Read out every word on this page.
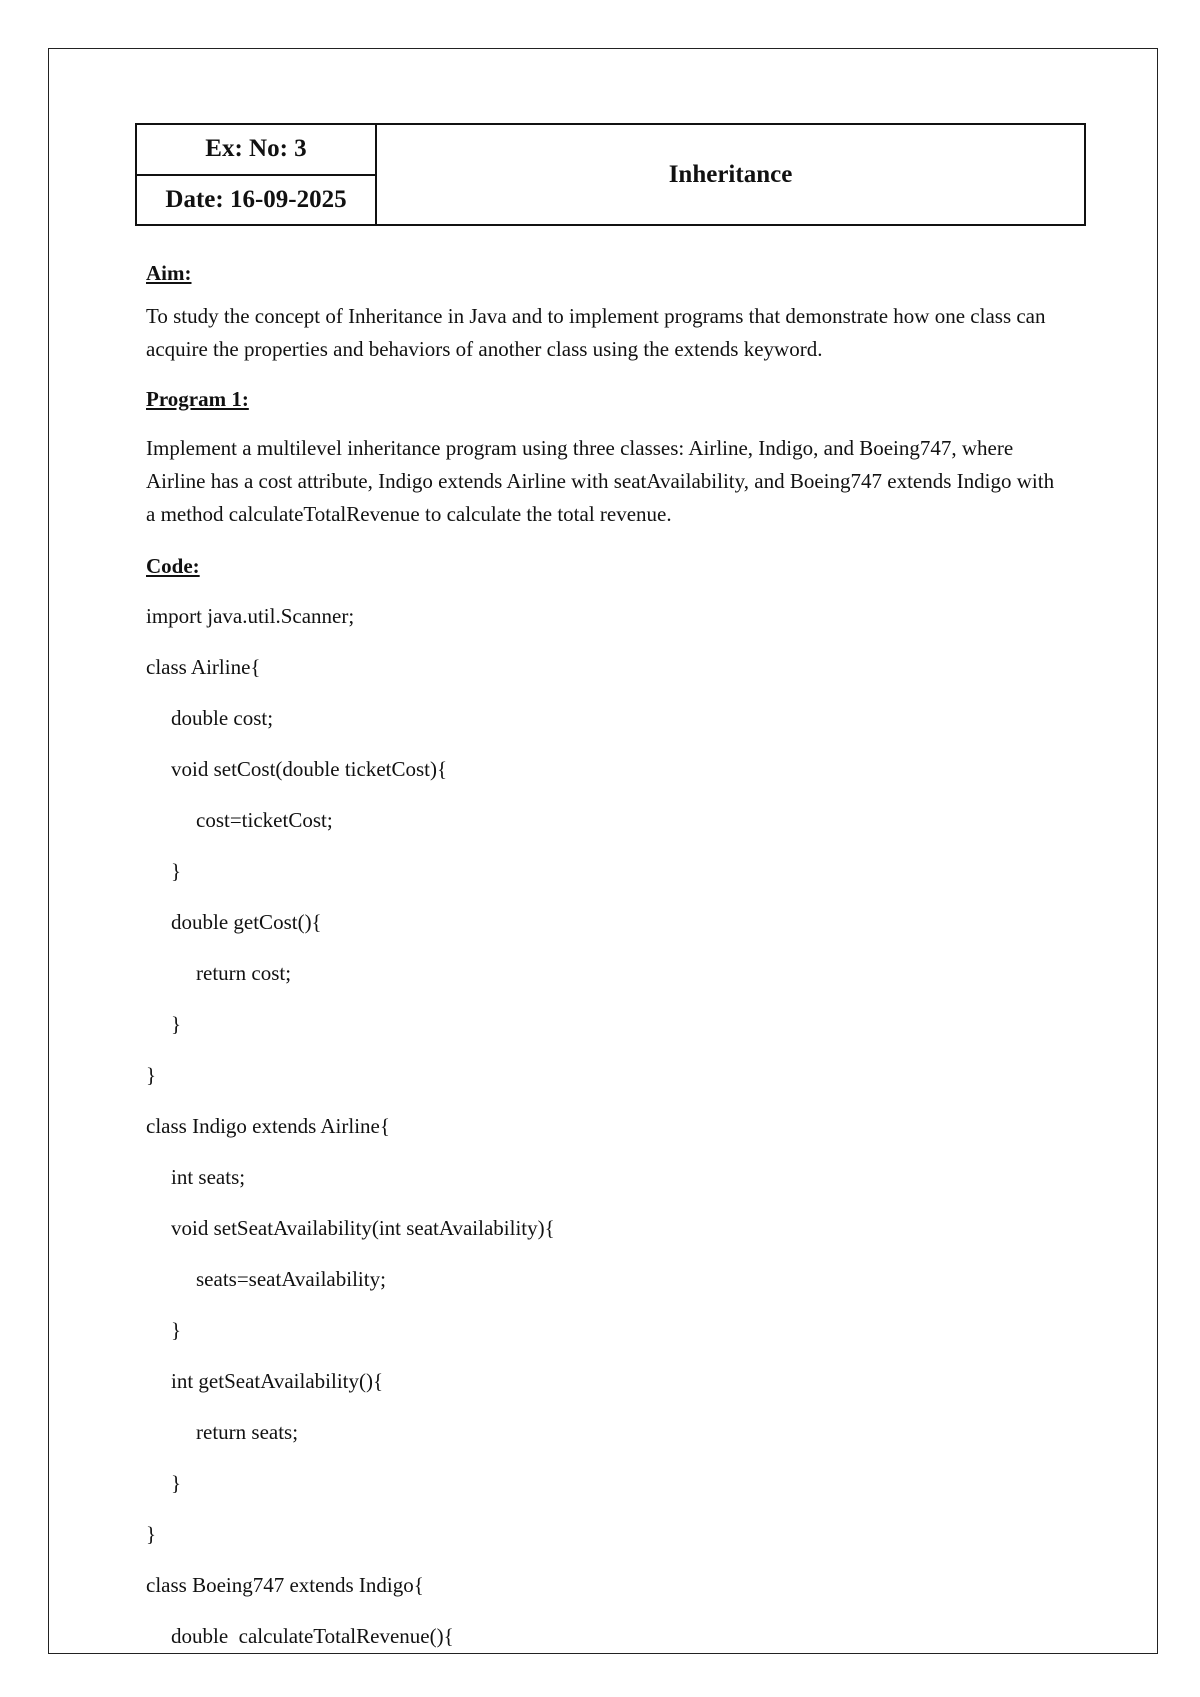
Ex: No: 3
Date: 16-09-2025
Inheritance

Aim:

To study the concept of Inheritance in Java and to implement programs that demonstrate how one class can acquire the properties and behaviors of another class using the extends keyword.

Program 1:

Implement a multilevel inheritance program using three classes: Airline, Indigo, and Boeing747, where Airline has a cost attribute, Indigo extends Airline with seatAvailability, and Boeing747 extends Indigo with a method calculateTotalRevenue to calculate the total revenue.

Code:

import java.util.Scanner;
class Airline{
double cost;
void setCost(double ticketCost){
cost=ticketCost;
}
double getCost(){
return cost;
}
}
class Indigo extends Airline{
int seats;
void setSeatAvailability(int seatAvailability){
seats=seatAvailability;
}
int getSeatAvailability(){
return seats;
}
}
class Boeing747 extends Indigo{
double  calculateTotalRevenue(){
